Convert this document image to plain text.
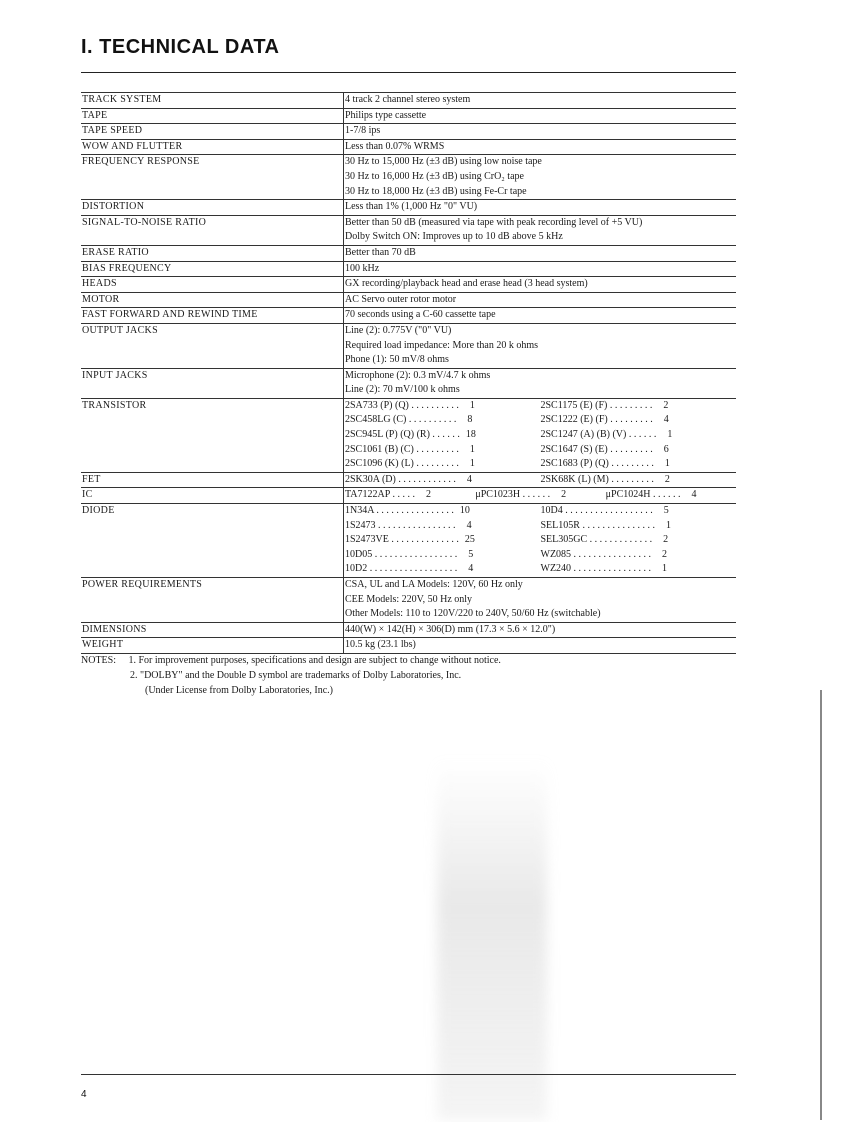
I. TECHNICAL DATA
TRACK SYSTEM	4 track 2 channel stereo system
TAPE	Philips type cassette
TAPE SPEED	1-7/8 ips
WOW AND FLUTTER	Less than 0.07% WRMS
FREQUENCY RESPONSE	30 Hz to 15,000 Hz (±3 dB) using low noise tape
30 Hz to 16,000 Hz (±3 dB) using CrO₂ tape
30 Hz to 18,000 Hz (±3 dB) using Fe-Cr tape
DISTORTION	Less than 1% (1,000 Hz "0" VU)
SIGNAL-TO-NOISE RATIO	Better than 50 dB (measured via tape with peak recording level of +5 VU)
Dolby Switch ON: Improves up to 10 dB above 5 kHz
ERASE RATIO	Better than 70 dB
BIAS FREQUENCY	100 kHz
HEADS	GX recording/playback head and erase head (3 head system)
MOTOR	AC Servo outer rotor motor
FAST FORWARD AND REWIND TIME	70 seconds using a C-60 cassette tape
OUTPUT JACKS	Line (2): 0.775V ("0" VU)
Required load impedance: More than 20 k ohms
Phone (1): 50 mV/8 ohms
INPUT JACKS	Microphone (2): 0.3 mV/4.7 k ohms
Line (2): 70 mV/100 k ohms
TRANSISTOR	2SA733 (P) (Q) . . . . . . . . . . 1	2SC1175 (E) (F) . . . . . . . . . 2
2SC458LG (C) . . . . . . . . . . 8	2SC1222 (E) (F) . . . . . . . . . 4
2SC945L (P) (Q) (R) . . . . . . 18	2SC1247 (A) (B) (V) . . . . . . 1
2SC1061 (B) (C) . . . . . . . . . 1	2SC1647 (S) (E) . . . . . . . . . 6
2SC1096 (K) (L) . . . . . . . . . 1	2SC1683 (P) (Q) . . . . . . . . . 1
FET	2SK30A (D) . . . . . . . . . . . . 4	2SK68K (L) (M) . . . . . . . . . 2
IC	TA7122AP . . . . . 2	μPC1023H . . . . . . 2	μPC1024H . . . . . . 4
DIODE	1N34A . . . . . . . . . . . . . . . . 10	10D4 . . . . . . . . . . . . . . . . . . 5
1S2473 . . . . . . . . . . . . . . . . 4	SEL105R . . . . . . . . . . . . . . . 1
1S2473VE . . . . . . . . . . . . . . 25	SEL305GC . . . . . . . . . . . . . 2
10D05 . . . . . . . . . . . . . . . . . 5	WZ085 . . . . . . . . . . . . . . . . 2
10D2 . . . . . . . . . . . . . . . . . . 4	WZ240 . . . . . . . . . . . . . . . . 1
POWER REQUIREMENTS	CSA, UL and LA Models: 120V, 60 Hz only
CEE Models: 220V, 50 Hz only
Other Models: 110 to 120V/220 to 240V, 50/60 Hz (switchable)
DIMENSIONS	440(W) × 142(H) × 306(D) mm (17.3 × 5.6 × 12.0")
WEIGHT	10.5 kg (23.1 lbs)
NOTES: 1. For improvement purposes, specifications and design are subject to change without notice.
2. "DOLBY" and the Double D symbol are trademarks of Dolby Laboratories, Inc.
(Under License from Dolby Laboratories, Inc.)
4
